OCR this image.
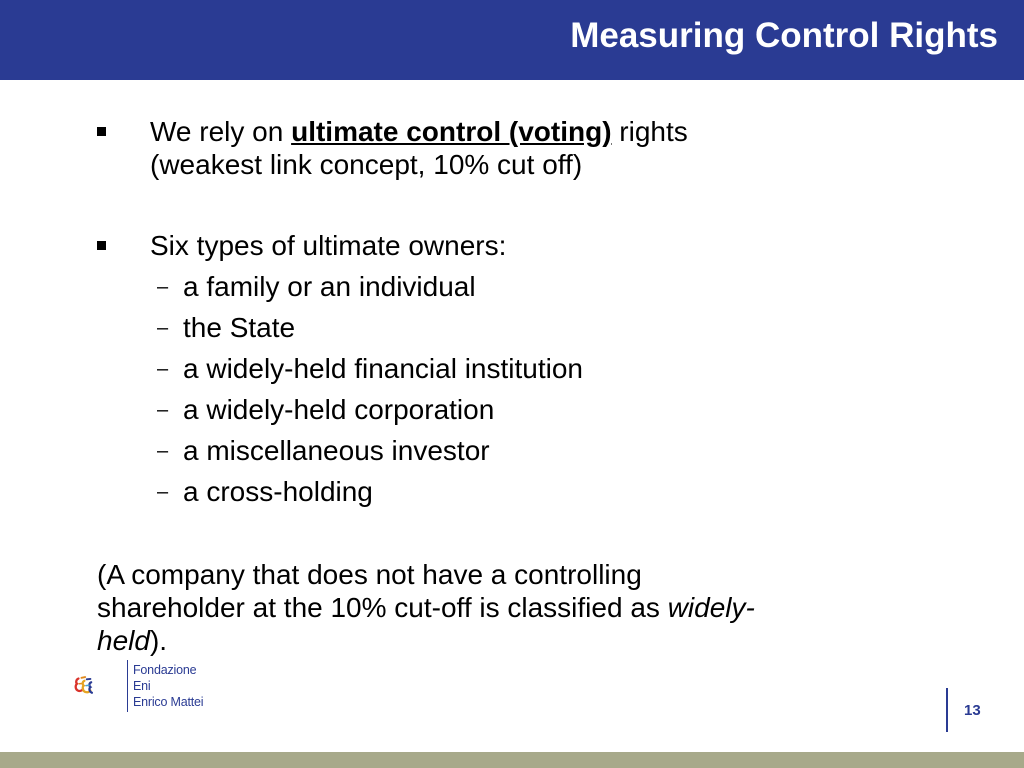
Measuring Control Rights
We rely on ultimate control (voting) rights
(weakest link concept, 10% cut off)
Six types of ultimate owners:
– a family or an individual
– the State
– a widely-held financial institution
– a widely-held corporation
– a miscellaneous investor
– a cross-holding
(A company that does not have a controlling
shareholder at the 10% cut-off is classified as widely-
held).
Fondazione
Eni
Enrico Mattei	13
